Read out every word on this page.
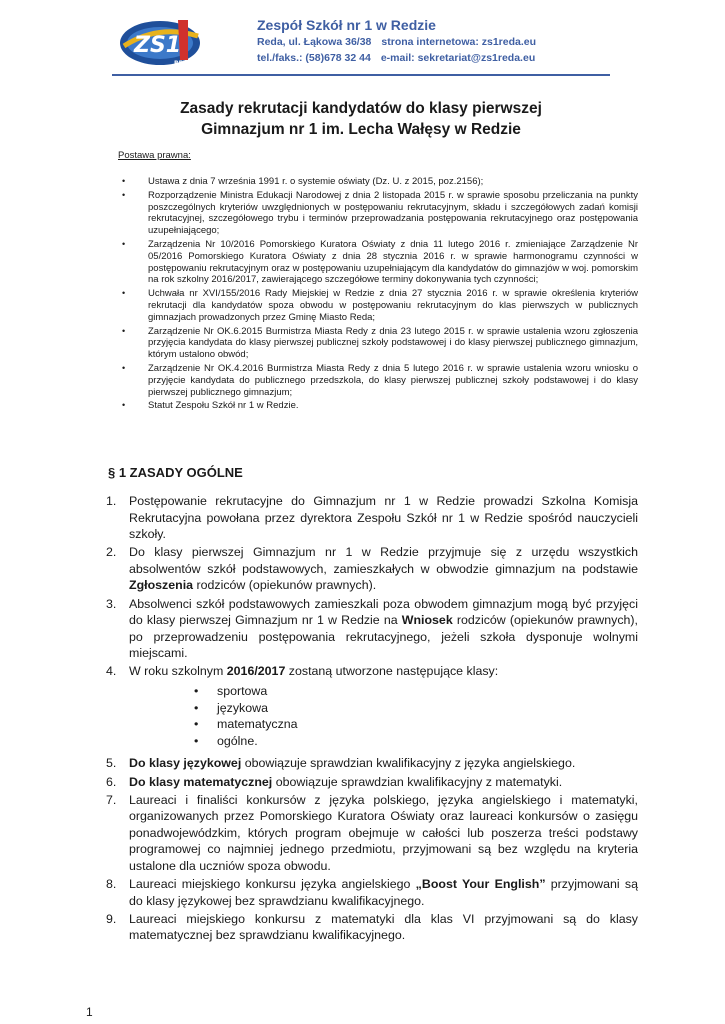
ZS1
REDA
Zespół Szkół nr 1 w Redzie
Reda, ul. Łąkowa 36/38 strona internetowa: zs1reda.eu
tel./faks.: (58)678 32 44 e-mail: sekretariat@zs1reda.eu
Zasady rekrutacji kandydatów do klasy pierwszej
Gimnazjum nr 1 im. Lecha Wałęsy w Redzie
Postawa prawna:
• Ustawa z dnia 7 września 1991 r. o systemie oświaty (Dz. U. z 2015, poz.2156);
• Rozporządzenie Ministra Edukacji Narodowej z dnia 2 listopada 2015 r. w sprawie sposobu przeliczania na punkty poszczególnych kryteriów uwzględnionych w postępowaniu rekrutacyjnym, składu i szczegółowych zadań komisji rekrutacyjnej, szczegółowego trybu i terminów przeprowadzania postępowania rekrutacyjnego oraz postępowania uzupełniającego;
• Zarządzenia Nr 10/2016 Pomorskiego Kuratora Oświaty z dnia 11 lutego 2016 r. zmieniające Zarządzenie Nr 05/2016 Pomorskiego Kuratora Oświaty z dnia 28 stycznia 2016 r. w sprawie harmonogramu czynności w postępowaniu rekrutacyjnym oraz w postępowaniu uzupełniającym dla kandydatów do gimnazjów w woj. pomorskim na rok szkolny 2016/2017, zawierającego szczegółowe terminy dokonywania tych czynności;
• Uchwała nr XVI/155/2016 Rady Miejskiej w Redzie z dnia 27 stycznia 2016 r. w sprawie określenia kryteriów rekrutacji dla kandydatów spoza obwodu w postępowaniu rekrutacyjnym do klas pierwszych w publicznych gimnazjach prowadzonych przez Gminę Miasto Reda;
• Zarządzenie Nr OK.6.2015 Burmistrza Miasta Redy z dnia 23 lutego 2015 r. w sprawie ustalenia wzoru zgłoszenia przyjęcia kandydata do klasy pierwszej publicznej szkoły podstawowej i do klasy pierwszej publicznego gimnazjum, którym ustalono obwód;
• Zarządzenie Nr OK.4.2016 Burmistrza Miasta Redy z dnia 5 lutego 2016 r. w sprawie ustalenia wzoru wniosku o przyjęcie kandydata do publicznego przedszkola, do klasy pierwszej publicznej szkoły podstawowej i do klasy pierwszej publicznego gimnazjum;
• Statut Zespołu Szkół nr 1 w Redzie.
§ 1 ZASADY OGÓLNE
1. Postępowanie rekrutacyjne do Gimnazjum nr 1 w Redzie prowadzi Szkolna Komisja Rekrutacyjna powołana przez dyrektora Zespołu Szkół nr 1 w Redzie spośród nauczycieli szkoły.
2. Do klasy pierwszej Gimnazjum nr 1 w Redzie przyjmuje się z urzędu wszystkich absolwentów szkół podstawowych, zamieszkałych w obwodzie gimnazjum na podstawie Zgłoszenia rodziców (opiekunów prawnych).
3. Absolwenci szkół podstawowych zamieszkali poza obwodem gimnazjum mogą być przyjęci do klasy pierwszej Gimnazjum nr 1 w Redzie na Wniosek rodziców (opiekunów prawnych), po przeprowadzeniu postępowania rekrutacyjnego, jeżeli szkoła dysponuje wolnymi miejscami.
4. W roku szkolnym 2016/2017 zostaną utworzone następujące klasy:
• sportowa
• językowa
• matematyczna
• ogólne.
5. Do klasy językowej obowiązuje sprawdzian kwalifikacyjny z języka angielskiego.
6. Do klasy matematycznej obowiązuje sprawdzian kwalifikacyjny z matematyki.
7. Laureaci i finaliści konkursów z języka polskiego, języka angielskiego i matematyki, organizowanych przez Pomorskiego Kuratora Oświaty oraz laureaci konkursów o zasięgu ponadwojewódzkim, których program obejmuje w całości lub poszerza treści podstawy programowej co najmniej jednego przedmiotu, przyjmowani są bez względu na kryteria ustalone dla uczniów spoza obwodu.
8. Laureaci miejskiego konkursu języka angielskiego „Boost Your English” przyjmowani są do klasy językowej bez sprawdzianu kwalifikacyjnego.
9. Laureaci miejskiego konkursu z matematyki dla klas VI przyjmowani są do klasy matematycznej bez sprawdzianu kwalifikacyjnego.
1
